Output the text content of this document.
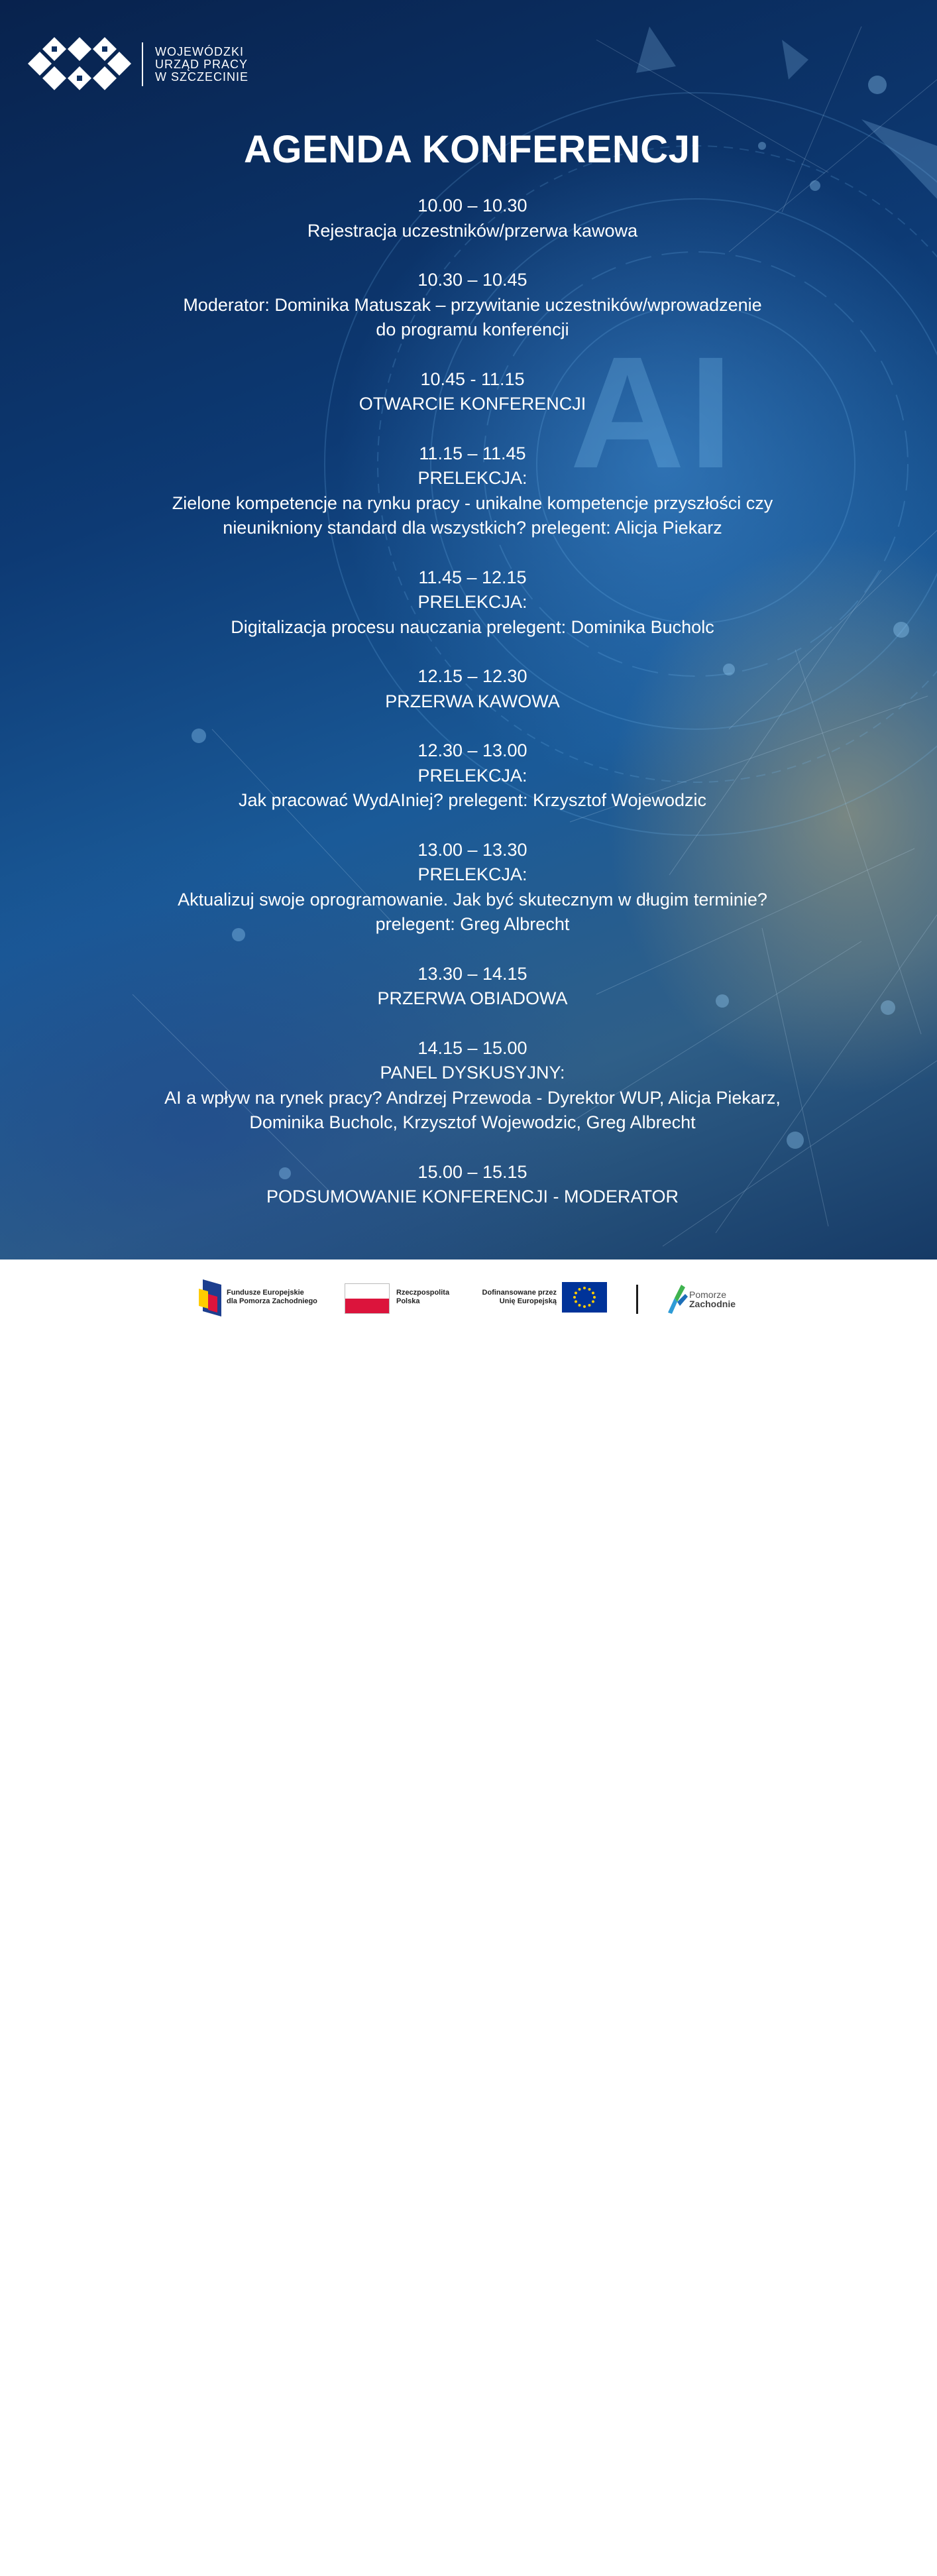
AI
WOJEWÓDZKI
URZĄD PRACY
W SZCZECINIE
AGENDA KONFERENCJI
10.00 – 10.30
Rejestracja uczestników/przerwa kawowa
10.30 – 10.45
Moderator: Dominika Matuszak – przywitanie uczestników/wprowadzenie
do programu konferencji
10.45 - 11.15
OTWARCIE KONFERENCJI
11.15 – 11.45
PRELEKCJA:
Zielone kompetencje na rynku pracy - unikalne kompetencje przyszłości czy
nieunikniony standard dla wszystkich? prelegent: Alicja Piekarz
11.45 – 12.15
PRELEKCJA:
Digitalizacja procesu nauczania prelegent: Dominika Bucholc
12.15 – 12.30
PRZERWA KAWOWA
12.30 – 13.00
PRELEKCJA:
Jak pracować WydAIniej? prelegent: Krzysztof Wojewodzic
13.00 – 13.30
PRELEKCJA:
Aktualizuj swoje oprogramowanie. Jak być skutecznym w długim terminie?
prelegent: Greg Albrecht
13.30 – 14.15
PRZERWA OBIADOWA
14.15 – 15.00
PANEL DYSKUSYJNY:
AI a wpływ na rynek pracy? Andrzej Przewoda - Dyrektor WUP, Alicja Piekarz,
Dominika Bucholc, Krzysztof Wojewodzic, Greg Albrecht
15.00 – 15.15
PODSUMOWANIE KONFERENCJI - MODERATOR
Fundusze Europejskie
dla Pomorza Zachodniego
Rzeczpospolita
Polska
Dofinansowane przez
Unię Europejską
Pomorze
Zachodnie
